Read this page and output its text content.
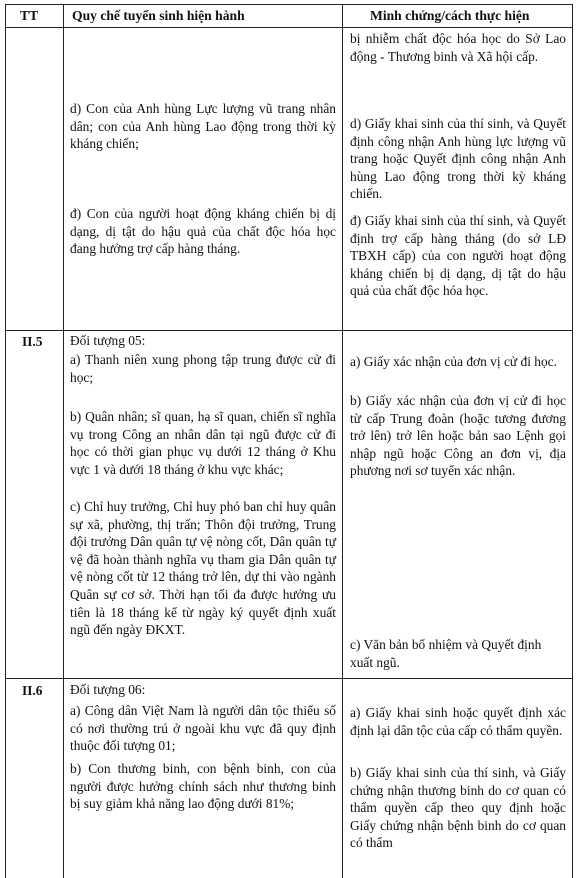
TT Quy chế tuyển sinh hiện hành	Minh chứng/cách thực hiện

d) Con của Anh hùng Lực lượng vũ trang nhân dân; con của Anh hùng Lao động trong thời kỳ kháng chiến;

đ) Con của người hoạt động kháng chiến bị dị dạng, dị tật do hậu quả của chất độc hóa học đang hưởng trợ cấp hàng tháng.

bị nhiễm chất độc hóa học do Sở Lao động - Thương binh và Xã hội cấp.

d) Giấy khai sinh của thí sinh, và Quyết định công nhận Anh hùng lực lượng vũ trang hoặc Quyết định công nhận Anh hùng Lao động trong thời kỳ kháng chiến.

đ) Giấy khai sinh của thí sinh, và Quyết định trợ cấp hàng tháng (do sở LĐ TBXH cấp) của con người hoạt động kháng chiến bị dị dạng, dị tật do hậu quả của chất độc hóa học.

II.5 Đối tượng 05:

a) Thanh niên xung phong tập trung được cử đi học;

b) Quân nhân; sĩ quan, hạ sĩ quan, chiến sĩ nghĩa vụ trong Công an nhân dân tại ngũ được cử đi học có thời gian phục vụ dưới 12 tháng ở Khu vực 1 và dưới 18 tháng ở khu vực khác;

c) Chỉ huy trưởng, Chỉ huy phó ban chỉ huy quân sự xã, phường, thị trấn; Thôn đội trưởng, Trung đội trưởng Dân quân tự vệ nòng cốt, Dân quân tự vệ đã hoàn thành nghĩa vụ tham gia Dân quân tự vệ nòng cốt từ 12 tháng trở lên, dự thi vào ngành Quân sự cơ sở. Thời hạn tối đa được hưởng ưu tiên là 18 tháng kể từ ngày ký quyết định xuất ngũ đến ngày ĐKXT.

a) Giấy xác nhận của đơn vị cử đi học.

b) Giấy xác nhận của đơn vị cử đi học từ cấp Trung đoàn (hoặc tương đương trở lên) trở lên hoặc bản sao Lệnh gọi nhập ngũ hoặc Công an đơn vị, địa phương nơi sơ tuyển xác nhận.

c) Văn bản bổ nhiệm và Quyết định xuất ngũ.

II.6 Đối tượng 06:

a) Công dân Việt Nam là người dân tộc thiểu số có nơi thường trú ở ngoài khu vực đã quy định thuộc đối tượng 01;

b) Con thương binh, con bệnh binh, con của người được hưởng chính sách như thương binh bị suy giảm khả năng lao động dưới 81%;

a) Giấy khai sinh hoặc quyết định xác định lại dân tộc của cấp có thẩm quyền.

b) Giấy khai sinh của thí sinh, và Giấy chứng nhận thương binh do cơ quan có thẩm quyền cấp theo quy định hoặc Giấy chứng nhận bệnh binh do cơ quan có thẩm
